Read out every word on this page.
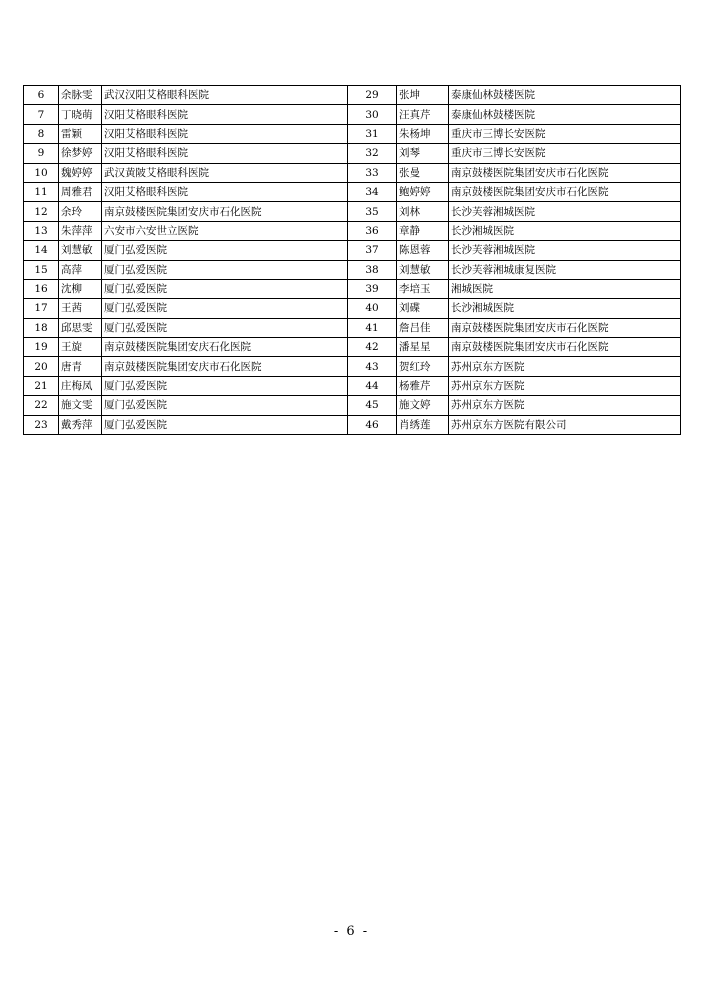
6	余脉雯	武汉汉阳艾格眼科医院	29	张坤	泰康仙林鼓楼医院
7	丁晓萌	汉阳艾格眼科医院	30	汪真芹	泰康仙林鼓楼医院
8	雷颖	汉阳艾格眼科医院	31	朱杨坤	重庆市三博长安医院
9	徐梦婷	汉阳艾格眼科医院	32	刘琴	重庆市三博长安医院
10	魏婷婷	武汉黄陂艾格眼科医院	33	张曼	南京鼓楼医院集团安庆市石化医院
11	周雅君	汉阳艾格眼科医院	34	鲍婷婷	南京鼓楼医院集团安庆市石化医院
12	余玲	南京鼓楼医院集团安庆市石化医院	35	刘林	长沙芙蓉湘城医院
13	朱萍萍	六安市六安世立医院	36	章静	长沙湘城医院
14	刘慧敏	厦门弘爱医院	37	陈恩蓉	长沙芙蓉湘城医院
15	高萍	厦门弘爱医院	38	刘慧敏	长沙芙蓉湘城康复医院
16	沈柳	厦门弘爱医院	39	李培玉	湘城医院
17	王茜	厦门弘爱医院	40	刘碟	长沙湘城医院
18	邱思雯	厦门弘爱医院	41	詹吕佳	南京鼓楼医院集团安庆市石化医院
19	王旋	南京鼓楼医院集团安庆石化医院	42	潘星星	南京鼓楼医院集团安庆市石化医院
20	唐青	南京鼓楼医院集团安庆市石化医院	43	贺红玲	苏州京东方医院
21	庄梅凤	厦门弘爱医院	44	杨雅芹	苏州京东方医院
22	施文雯	厦门弘爱医院	45	施文婷	苏州京东方医院
23	戴秀萍	厦门弘爱医院	46	肖绣莲	苏州京东方医院有限公司
- 6 -
